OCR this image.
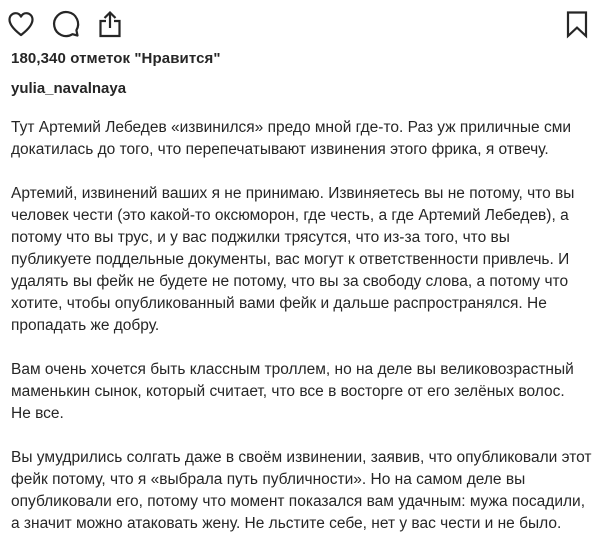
180,340 отметок "Нравится"
yulia_navalnaya

Тут Артемий Лебедев «извинился» предо мной где-то. Раз уж приличные сми
докатилась до того, что перепечатывают извинения этого фрика, я отвечу.

Артемий, извинений ваших я не принимаю. Извиняетесь вы не потому, что вы
человек чести (это какой-то оксюморон, где честь, а где Артемий Лебедев), а
потому что вы трус, и у вас поджилки трясутся, что из-за того, что вы
публикуете поддельные документы, вас могут к ответственности привлечь. И
удалять вы фейк не будете не потому, что вы за свободу слова, а потому что
хотите, чтобы опубликованный вами фейк и дальше распространялся. Не
пропадать же добру.

Вам очень хочется быть классным троллем, но на деле вы великовозрастный
маменькин сынок, который считает, что все в восторге от его зелёных волос.
Не все.

Вы умудрились солгать даже в своём извинении, заявив, что опубликовали этот
фейк потому, что я «выбрала путь публичности». Но на самом деле вы
опубликовали его, потому что момент показался вам удачным: мужа посадили,
а значит можно атаковать жену. Не льстите себе, нет у вас чести и не было.
